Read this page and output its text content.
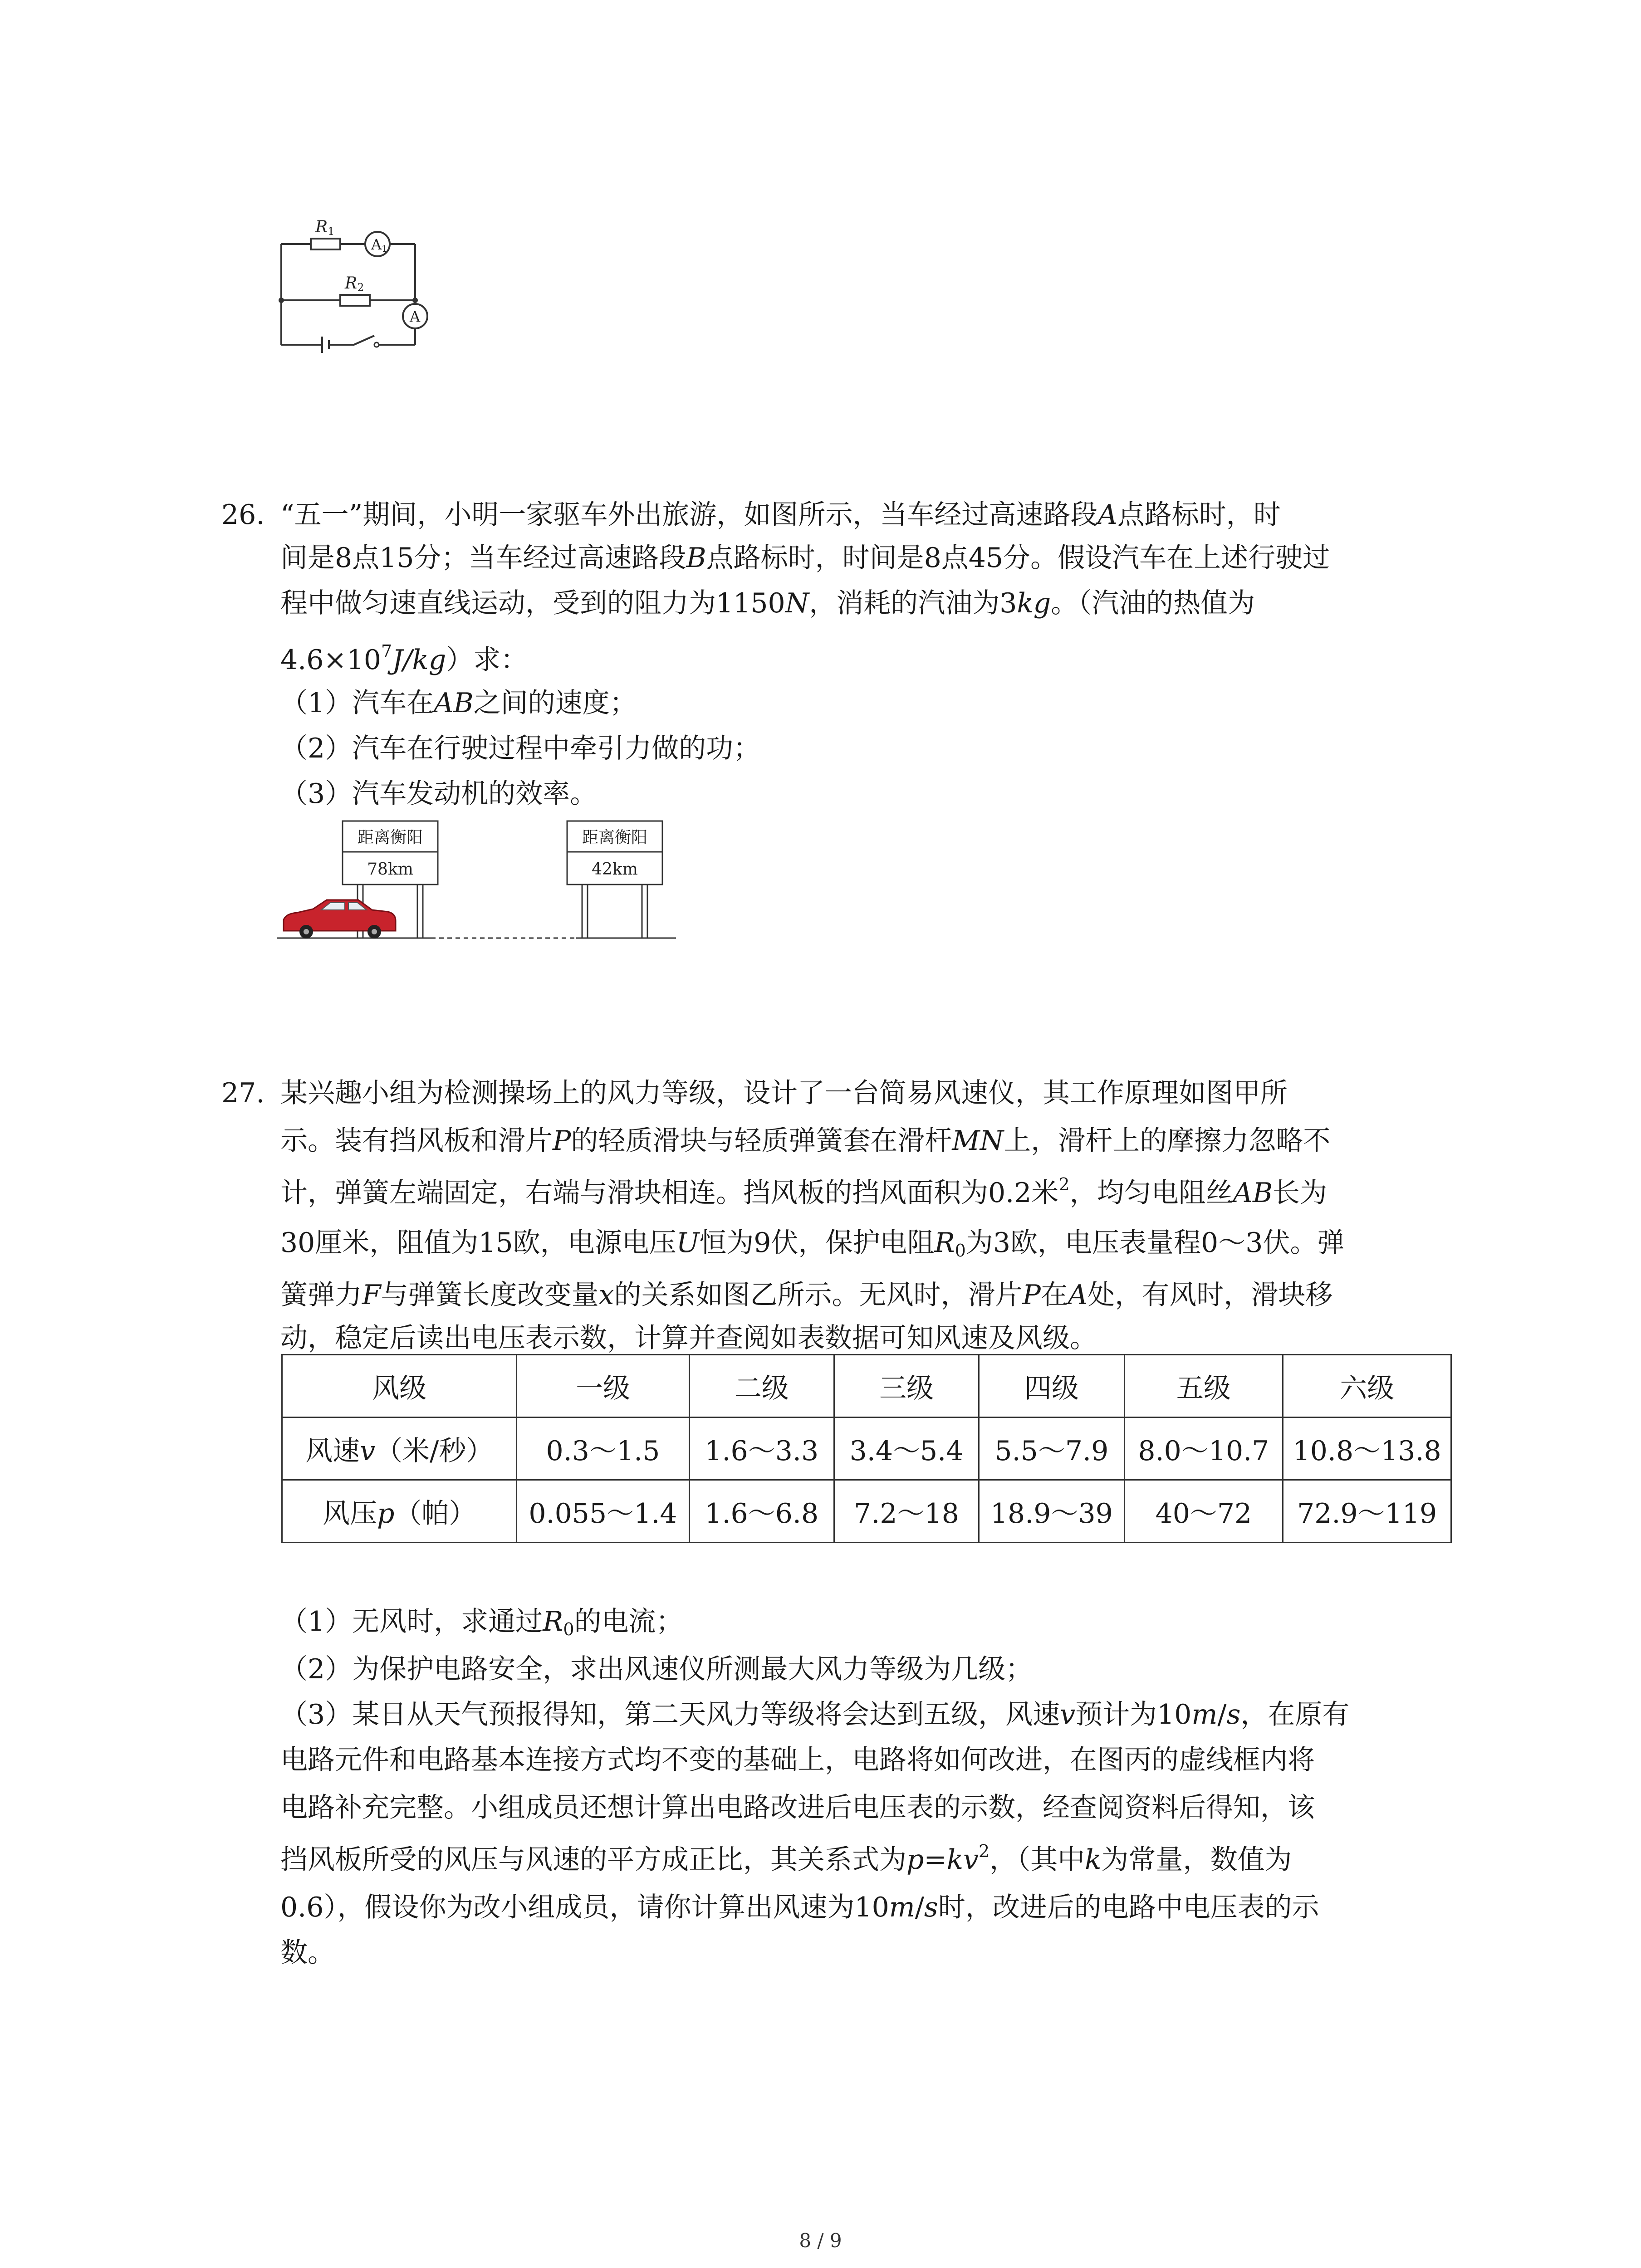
R1
R2
A1
A
26. “五一”期间，小明一家驱车外出旅游，如图所示，当车经过高速路段A点路标时，时
间是8点15分；当车经过高速路段B点路标时，时间是8点45分。假设汽车在上述行驶过
程中做匀速直线运动，受到的阻力为1150N，消耗的汽油为3kg。（汽油的热值为
$4.6\times 10^7J/kg$）求：
（1）汽车在AB之间的速度；
（2）汽车在行驶过程中牵引力做的功；
（3）汽车发动机的效率。
距离衡阳
78km
距离衡阳
42km
27. 某兴趣小组为检测操场上的风力等级，设计了一台简易风速仪，其工作原理如图甲所
示。装有挡风板和滑片P的轻质滑块与轻质弹簧套在滑杆MN上，滑杆上的摩擦力忽略不
计，弹簧左端固定，右端与滑块相连。挡风板的挡风面积为0.2米$^2$，均匀电阻丝AB长为
30厘米，阻值为15欧，电源电压U恒为9伏，保护电阻$R_0$为3欧，电压表量程0～3伏。弹
簧弹力F与弹簧长度改变量x的关系如图乙所示。无风时，滑片P在A处，有风时，滑块移
动，稳定后读出电压表示数，计算并查阅如表数据可知风速及风级。
风级	一级	二级	三级	四级	五级	六级
风速v（米/秒）	0.3～1.5	1.6～3.3	3.4～5.4	5.5～7.9	8.0～10.7	10.8～13.8
风压p（帕）	0.055～1.4	1.6～6.8	7.2～18	18.9～39	40～72	72.9～119
（1）无风时，求通过$R_0$的电流；
（2）为保护电路安全，求出风速仪所测最大风力等级为几级；
（3）某日从天气预报得知，第二天风力等级将会达到五级，风速v预计为10m/s，在原有
电路元件和电路基本连接方式均不变的基础上，电路将如何改进，在图丙的虚线框内将
电路补充完整。小组成员还想计算出电路改进后电压表的示数，经查阅资料后得知，该
挡风板所受的风压与风速的平方成正比，其关系式为$p=kv^2$，（其中k为常量，数值为
0.6），假设你为改小组成员，请你计算出风速为10m/s时，改进后的电路中电压表的示
数。
8 / 9
